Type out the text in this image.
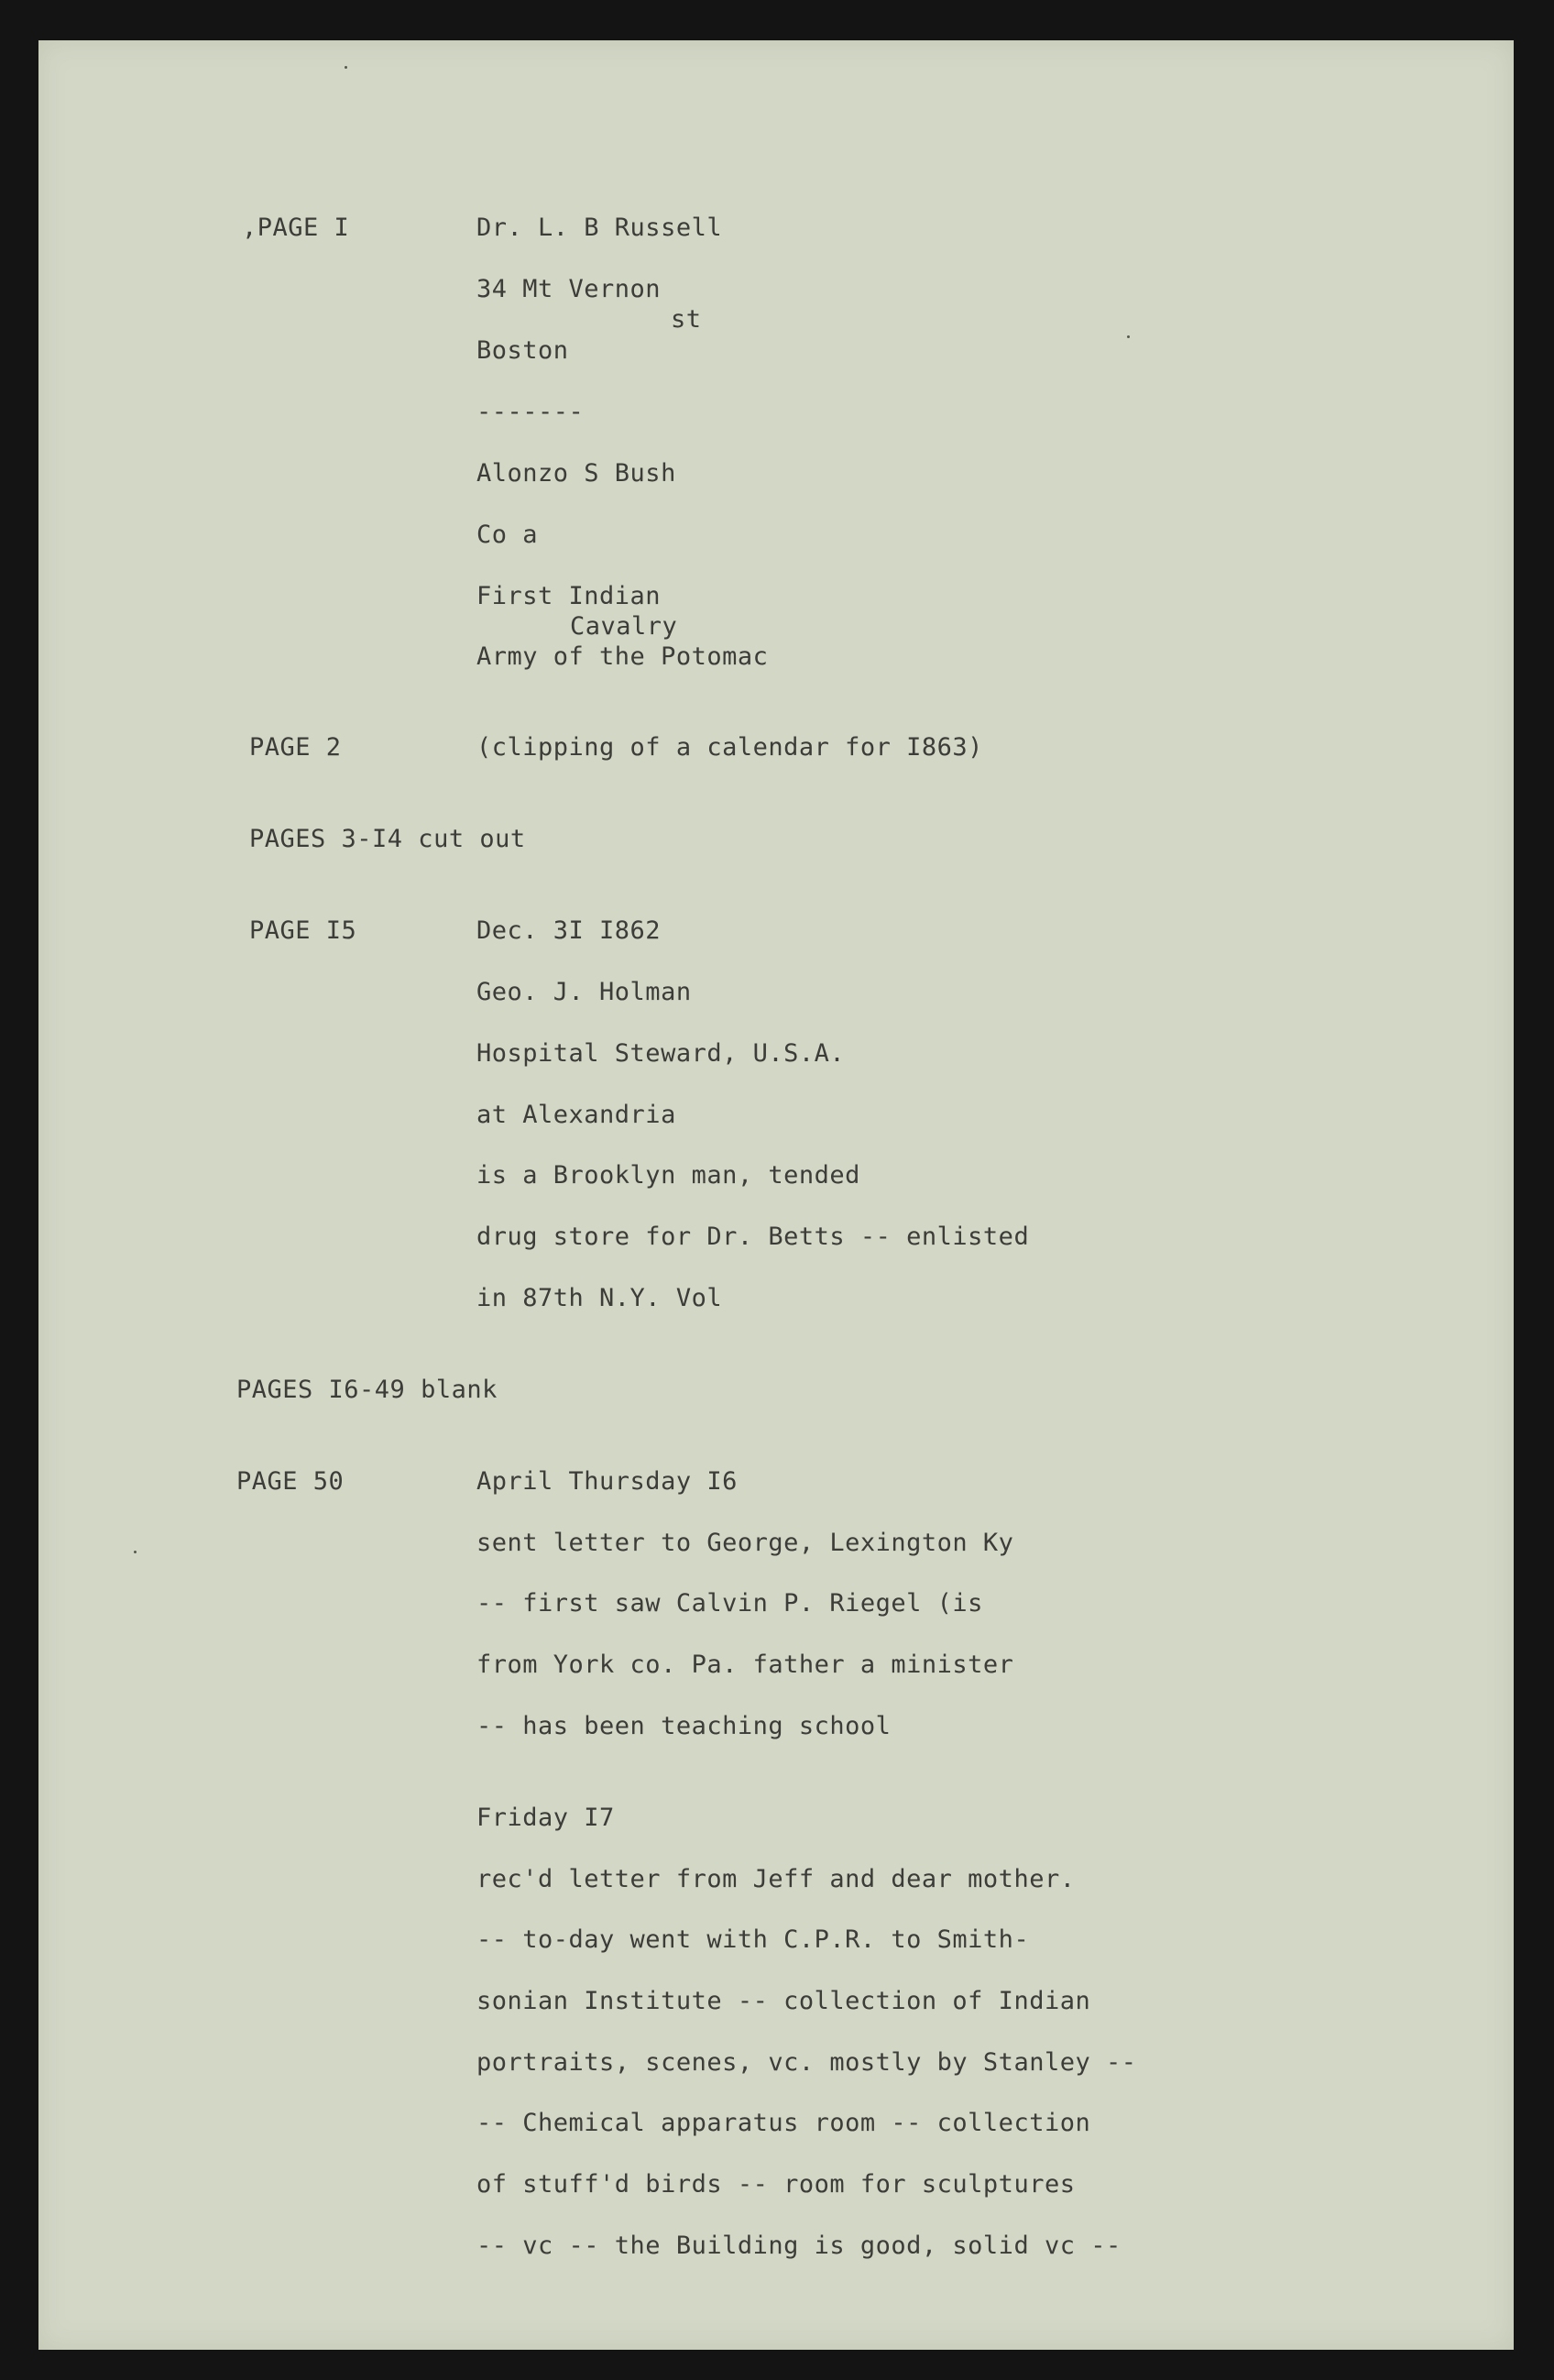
,PAGE I	Dr. L. B Russell

34 Mt Vernon

st

Boston

-------

Alonzo S Bush

Co a

First Indian

Cavalry

Army of the Potomac

PAGE 2	(clipping of a calendar for I863)

PAGES 3-I4 cut out

PAGE I5	Dec. 3I I862

Geo. J. Holman

Hospital Steward, U.S.A.

at Alexandria

is a Brooklyn man, tended

drug store for Dr. Betts -- enlisted

in 87th N.Y. Vol

PAGES I6-49 blank

PAGE 50	April Thursday I6

sent letter to George, Lexington Ky

-- first saw Calvin P. Riegel (is

from York co. Pa. father a minister

-- has been teaching school

Friday I7

rec'd letter from Jeff and dear mother.

-- to-day went with C.P.R. to Smith-

sonian Institute -- collection of Indian

portraits, scenes, vc. mostly by Stanley --

-- Chemical apparatus room -- collection

of stuff'd birds -- room for sculptures

-- vc -- the Building is good, solid vc --
